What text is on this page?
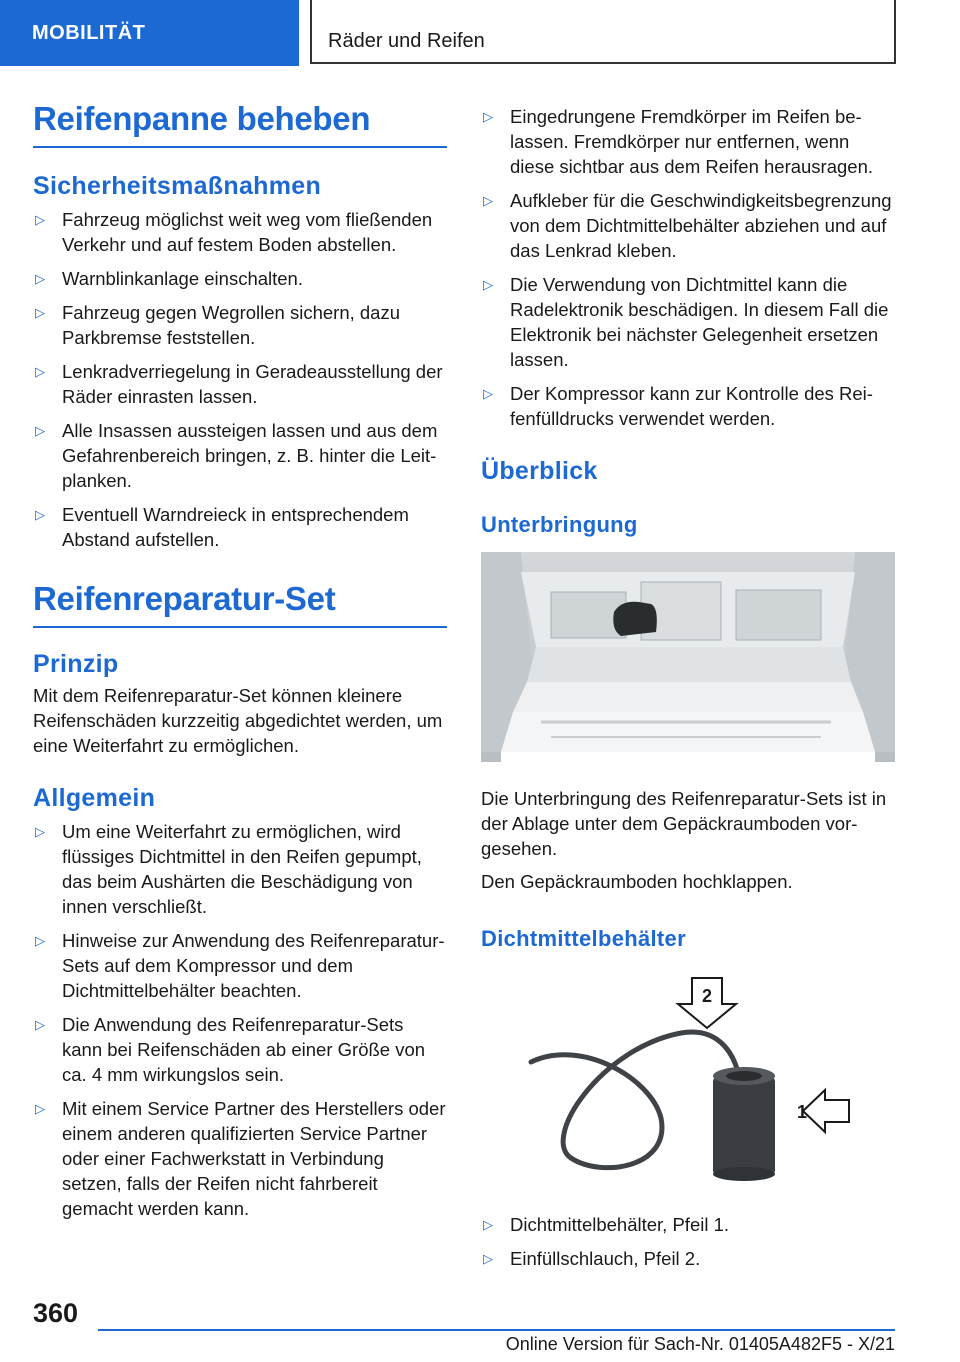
MOBILITÄT	Räder und Reifen
Reifenpanne beheben
Sicherheitsmaßnahmen
▷ Fahrzeug möglichst weit weg vom fließenden Verkehr und auf festem Boden abstellen.
▷ Warnblinkanlage einschalten.
▷ Fahrzeug gegen Wegrollen sichern, dazu Parkbremse feststellen.
▷ Lenkradverriegelung in Geradeausstellung der Räder einrasten lassen.
▷ Alle Insassen aussteigen lassen und aus dem Gefahrenbereich bringen, z. B. hinter die Leitplanken.
▷ Eventuell Warndreieck in entsprechendem Abstand aufstellen.
Reifenreparatur-Set
Prinzip

Mit dem Reifenreparatur-Set können kleinere Reifenschäden kurzzeitig abgedichtet werden, um eine Weiterfahrt zu ermöglichen.

Allgemein
▷ Um eine Weiterfahrt zu ermöglichen, wird flüssiges Dichtmittel in den Reifen gepumpt, das beim Aushärten die Beschädigung von innen verschließt.
▷ Hinweise zur Anwendung des Reifenreparatur-Sets auf dem Kompressor und dem Dichtmittelbehälter beachten.
▷ Die Anwendung des Reifenreparatur-Sets kann bei Reifenschäden ab einer Größe von ca. 4 mm wirkungslos sein.
▷ Mit einem Service Partner des Herstellers oder einem anderen qualifizierten Service Partner oder einer Fachwerkstatt in Verbindung setzen, falls der Reifen nicht fahrbereit gemacht werden kann.
▷ Eingedrungene Fremdkörper im Reifen belassen. Fremdkörper nur entfernen, wenn diese sichtbar aus dem Reifen herausragen.
▷ Aufkleber für die Geschwindigkeitsbegrenzung von dem Dichtmittelbehälter abziehen und auf das Lenkrad kleben.
▷ Die Verwendung von Dichtmittel kann die Radelektronik beschädigen. In diesem Fall die Elektronik bei nächster Gelegenheit ersetzen lassen.
▷ Der Kompressor kann zur Kontrolle des Reifenfülldrucks verwendet werden.
Überblick
Unterbringung

Die Unterbringung des Reifenreparatur-Sets ist in der Ablage unter dem Gepäckraumboden vorgesehen.

Den Gepäckraumboden hochklappen.

Dichtmittelbehälter
2
1
▷ Dichtmittelbehälter, Pfeil 1.
▷ Einfüllschlauch, Pfeil 2.
360
Online Version für Sach-Nr. 01405A482F5 - X/21
